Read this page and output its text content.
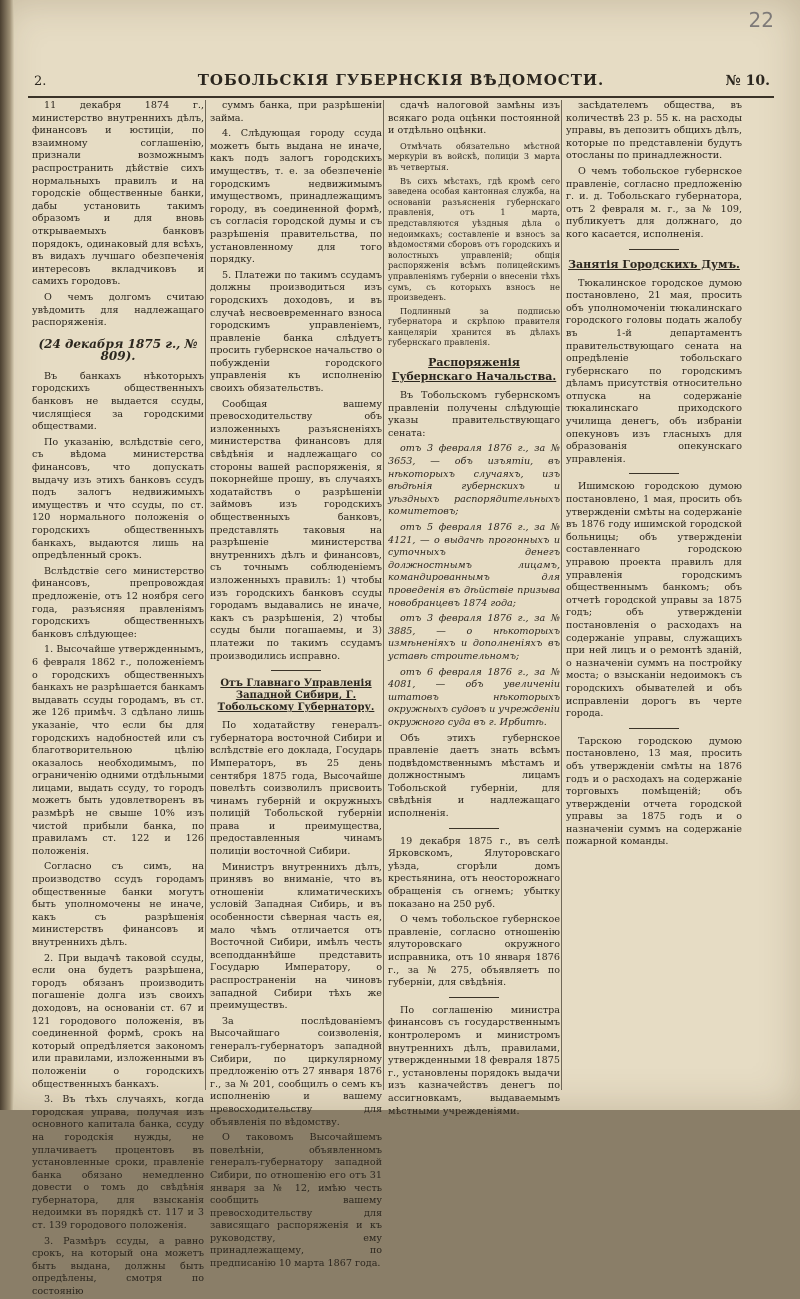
22
2.	ТОБОЛЬСКІЯ ГУБЕРНСКІЯ ВѢДОМОСТИ.	№ 10.

11 декабря 1874 г., министерство внутреннихъ дѣлъ, финансовъ и юстиціи, по взаимному соглашенію, признали возможнымъ распространить дѣйствіе сихъ нормальныхъ правилъ и на городскіе общественные банки, дабы установить такимъ образомъ и для вновь открываемыхъ банковъ порядокъ, одинаковый для всѣхъ, въ видахъ лучшаго обезпеченія интересовъ вкладчиковъ и самихъ городовъ.

О чемъ долгомъ считаю увѣдомить для надлежащаго распоряженія.

(24 декабря 1875 г., № 809).

Въ банкахъ нѣкоторыхъ городскихъ общественныхъ банковъ не выдается ссуды, числящіеся за городскими обществами.

По указанію, вслѣдствіе сего, съ вѣдома министерства финансовъ, что допускать выдачу изъ этихъ банковъ ссудъ подъ залогъ недвижимыхъ имуществъ и что ссуды, по ст. 120 нормального положенія о городскихъ общественныхъ банкахъ, выдаются лишь на опредѣленный срокъ.

Вслѣдствіе сего министерство финансовъ, препровождая предложеніе, отъ 12 ноября сего года, разъясняя правленіямъ городскихъ общественныхъ банковъ слѣдующее:

1. Высочайше утвержденнымъ, 6 февраля 1862 г., положеніемъ о городскихъ общественныхъ банкахъ не разрѣшается банкамъ выдавать ссуды городамъ, въ ст. же 126 примѣч. 3 сдѣлано лишь указаніе, что если бы для городскихъ надобностей или съ благотворительною цѣлію оказалось необходимымъ, по ограниченію одними отдѣльными лицами, выдать ссуду, то городъ можетъ быть удовлетворенъ въ размѣрѣ не свыше 10% изъ чистой прибыли банка, по правиламъ ст. 122 и 126 положенія.

Согласно съ симъ, на производство ссудъ городамъ общественные банки могутъ быть уполномочены не иначе, какъ съ разрѣшенія министерствъ финансовъ и внутреннихъ дѣлъ.

2. При выдачѣ таковой ссуды, если она будетъ разрѣшена, городъ обязанъ производить погашеніе долга изъ своихъ доходовъ, на основаніи ст. 67 и 121 городового положенія, въ соединенной формѣ, срокъ на который опредѣляется закономъ или правилами, изложенными въ положеніи о городскихъ общественныхъ банкахъ.

3. Въ тѣхъ случаяхъ, когда городская управа, получая изъ основного капитала банка, ссуду на городскія нужды, не уплачиваетъ процентовъ въ установленные сроки, правленіе банка обязано немедленно довести о томъ до свѣдѣнія губернатора, для взысканія недоимки въ порядкѣ ст. 117 и 3 ст. 139 городового положенія.

3. Размѣръ ссуды, а равно срокъ, на который она можетъ быть выдана, должны быть опредѣлены, смотря по состоянію

суммъ банка, при разрѣшеніи займа.

4. Слѣдующая городу ссуда можетъ быть выдана не иначе, какъ подъ залогъ городскихъ имуществъ, т. е. за обезпеченіе городскимъ недвижимымъ имуществомъ, принадлежащимъ городу, въ соединенной формѣ, съ согласія городской думы и съ разрѣшенія правительства, по установленному для того порядку.

5. Платежи по такимъ ссудамъ должны производиться изъ городскихъ доходовъ, и въ случаѣ несвоевременнаго взноса городскимъ управленіемъ, правленіе банка слѣдуетъ просить губернское начальство о побужденіи городского управленія къ исполненію своихъ обязательствъ.

Сообщая вашему превосходительству объ изложенныхъ разъясненіяхъ министерства финансовъ для свѣдѣнія и надлежащаго со стороны вашей распоряженія, я покорнейше прошу, въ случаяхъ ходатайствъ о разрѣшеніи займовъ изъ городскихъ общественныхъ банковъ, представлять таковыя на разрѣшеніе министерства внутреннихъ дѣлъ и финансовъ, съ точнымъ соблюденіемъ изложенныхъ правилъ: 1) чтобы изъ городскихъ банковъ ссуды городамъ выдавались не иначе, какъ съ разрѣшенія, 2) чтобы ссуды были погашаемы, и 3) платежи по такимъ ссудамъ производились исправно.

Отъ Главнаго Управленія Западной Сибири, Г. Тобольскому Губернатору.

По ходатайству генералъ-губернатора восточной Сибири и вслѣдствіе его доклада, Государь Императоръ, въ 25 день сентября 1875 года, Высочайше повелѣть соизволилъ присвоить чинамъ губерній и окружныхъ полицій Тобольской губерніи права и преимущества, предоставленныя чинамъ полиціи восточной Сибири.

Министръ внутреннихъ дѣлъ, принявъ во вниманіе, что въ отношеніи климатическихъ условій Западная Сибирь, и въ особенности сѣверная часть ея, мало чѣмъ отличается отъ Восточной Сибири, имѣлъ честь всеподданнѣйше представить Государю Императору, о распространеніи на чиновъ западной Сибири тѣхъ же преимуществъ.

За послѣдованіемъ Высочайшаго соизволенія, генералъ-губернаторъ западной Сибири, по циркулярному предложенію отъ 27 января 1876 г., за № 201, сообщилъ о семъ къ исполненію и вашему превосходительству для объявленія по вѣдомству.

О таковомъ Высочайшемъ повелѣніи, объявленномъ генералъ-губернатору западной Сибири, по отношенію его отъ 31 января за № 12, имѣю честь сообщить вашему превосходительству для зависящаго распоряженія и къ руководству, ему принадлежащему, по предписанію 10 марта 1867 года.

сдачѣ налоговой замѣны изъ всякаго рода оцѣнки постоянной и отдѣльно оцѣнки.

Отмѣчать обязательно мѣстной меркуріи въ войскѣ, полиціи 3 марта въ четвертыя.

Въ сихъ мѣстахъ, гдѣ кромѣ сего заведена особая кантонная служба, на основаніи разъясненія губернскаго правленія, отъ 1 марта, представляются уѣздныя дѣла о недоимкахъ; составленіе и взносъ за вѣдомостями сборовъ отъ городскихъ и волостныхъ управленій; общія распоряженія всѣмъ полицейскимъ управленіямъ губерніи о внесеніи тѣхъ сумъ, съ которыхъ взносъ не произведенъ.

Подлинный за подписью губернатора и скрѣпою правителя канцеляріи хранится въ дѣлахъ губернскаго правленія.

Распоряженія Губернскаго Начальства.

Въ Тобольскомъ губернскомъ правленіи получены слѣдующіе указы правительствующаго сената:

отъ 3 февраля 1876 г., за № 3653, — объ изъятіи, въ нѣкоторыхъ случаяхъ, изъ вѣдѣнія губернскихъ и уѣздныхъ распорядительныхъ комитетовъ;

отъ 5 февраля 1876 г., за № 4121, — о выдачѣ прогонныхъ и суточныхъ денегъ должностнымъ лицамъ, командированнымъ для проведенія въ дѣйствіе призыва новобранцевъ 1874 года;

отъ 3 февраля 1876 г., за № 3885, — о нѣкоторыхъ измѣненіяхъ и дополненіяхъ въ уставѣ строительномъ;

отъ 6 февраля 1876 г., за № 4081, — объ увеличеніи штатовъ нѣкоторыхъ окружныхъ судовъ и учрежденіи окружного суда въ г. Ирбитѣ.

Объ этихъ губернское правленіе даетъ знать всѣмъ подвѣдомственнымъ мѣстамъ и должностнымъ лицамъ Тобольской губерніи, для свѣдѣнія и надлежащаго исполненія.

19 декабря 1875 г., въ селѣ Ярковскомъ, Ялуторовскаго уѣзда, сгорѣли домъ крестьянина, отъ неосторожнаго обращенія съ огнемъ; убытку показано на 250 руб.

О чемъ тобольское губернское правленіе, согласно отношенію ялуторовскаго окружного исправника, отъ 10 января 1876 г., за № 275, объявляетъ по губерніи, для свѣдѣнія.

По соглашенію министра финансовъ съ государственнымъ контролеромъ и министромъ внутреннихъ дѣлъ, правилами, утвержденными 18 февраля 1875 г., установлены порядокъ выдачи изъ казначействъ денегъ по ассигновкамъ, выдаваемымъ мѣстными учрежденіями.

засѣдателемъ общества, въ количествѣ 23 р. 55 к. на расходы управы, въ депозитъ общихъ дѣлъ, которые по представленіи будутъ отосланы по принадлежности.

О чемъ тобольское губернское правленіе, согласно предложенію г. и. д. Тобольскаго губернатора, отъ 2 февраля м. г., за № 109, публикуетъ для должнаго, до кого касается, исполненія.

Занятія Городскихъ Думъ.

Тюкалинское городское думою постановлено, 21 мая, просить объ уполномоченіи тюкалинскаго городского головы подать жалобу въ 1-й департаментъ правительствующаго сената на опредѣленіе тобольскаго губернскаго по городскимъ дѣламъ присутствія относительно отпуска на содержаніе тюкалинскаго приходского училища денегъ, объ избраніи опекуновъ изъ гласныхъ для образованія опекунскаго управленія.

Ишимскою городскою думою постановлено, 1 мая, просить объ утвержденіи смѣты на содержаніе въ 1876 году ишимской городской больницы; объ утвержденіи составленнаго городскою управою проекта правилъ для управленія городскимъ общественнымъ банкомъ; объ отчетѣ городской управы за 1875 годъ; объ утвержденіи постановленія о расходахъ на содержаніе управы, служащихъ при ней лицъ и о ремонтѣ зданій, о назначеніи суммъ на постройку моста; о взысканіи недоимокъ съ городскихъ обывателей и объ исправленіи дорогъ въ черте города.

Тарскою городскою думою постановлено, 13 мая, просить объ утвержденіи смѣты на 1876 годъ и о расходахъ на содержаніе торговыхъ помѣщеній; объ утвержденіи отчета городской управы за 1875 годъ и о назначеніи суммъ на содержаніе пожарной команды.
